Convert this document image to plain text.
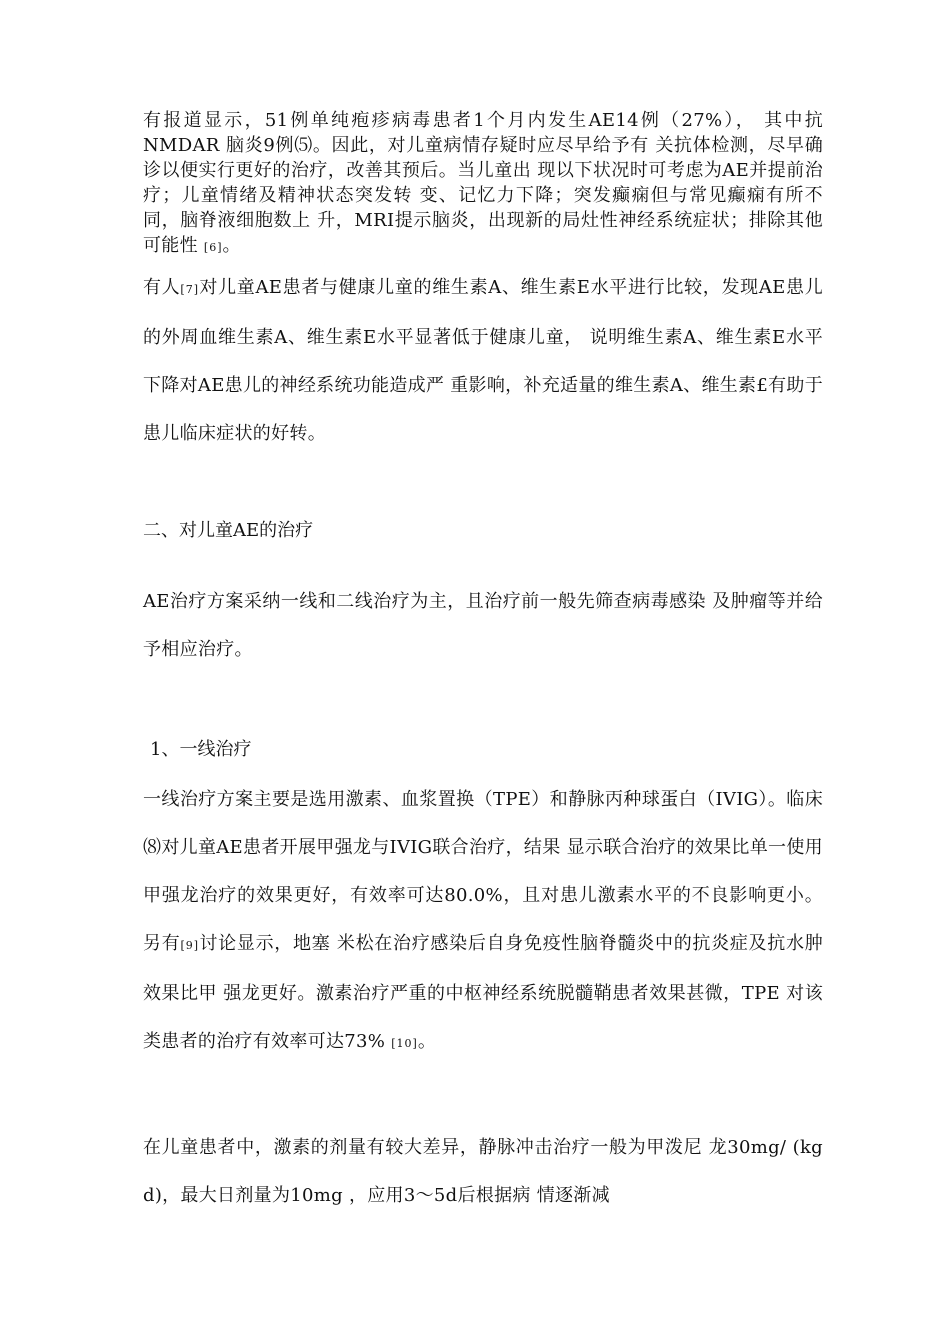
有报道显示，51例单纯疱疹病毒患者1个月内发生AE14例（27%）， 其中抗NMDAR 脑炎9例⑸。因此，对儿童病情存疑时应尽早给予有 关抗体检测，尽早确诊以便实行更好的治疗，改善其预后。当儿童出 现以下状况时可考虑为AE并提前治疗；儿童情绪及精神状态突发转 变、记忆力下降；突发癫痫但与常见癫痫有所不同，脑脊液细胞数上 升，MRI提示脑炎，出现新的局灶性神经系统症状；排除其他可能性 [6]。

有人[7]对儿童AE患者与健康儿童的维生素A、维生素E水平进行比较，发现AE患儿的外周血维生素A、维生素E水平显著低于健康儿童， 说明维生素A、维生素E水平下降对AE患儿的神经系统功能造成严 重影响，补充适量的维生素A、维生素£有助于患儿临床症状的好转。

二、对儿童AE的治疗

AE治疗方案采纳一线和二线治疗为主，且治疗前一般先筛查病毒感染 及肿瘤等并给予相应治疗。

1、一线治疗

一线治疗方案主要是选用激素、血浆置换（TPE）和静脉丙种球蛋白（IVIG）。临床⑻对儿童AE患者开展甲强龙与IVIG联合治疗，结果 显示联合治疗的效果比单一使用甲强龙治疗的效果更好，有效率可达80.0%，且对患儿激素水平的不良影响更小。另有[9]讨论显示，地塞 米松在治疗感染后自身免疫性脑脊髓炎中的抗炎症及抗水肿效果比甲 强龙更好。激素治疗严重的中枢神经系统脱髓鞘患者效果甚微，TPE 对该类患者的治疗有效率可达73% [10]。

在儿童患者中，激素的剂量有较大差异，静脉冲击治疗一般为甲泼尼 龙30mg/ (kg d)，最大日剂量为10mg ，应用3〜5d后根据病 情逐渐减
